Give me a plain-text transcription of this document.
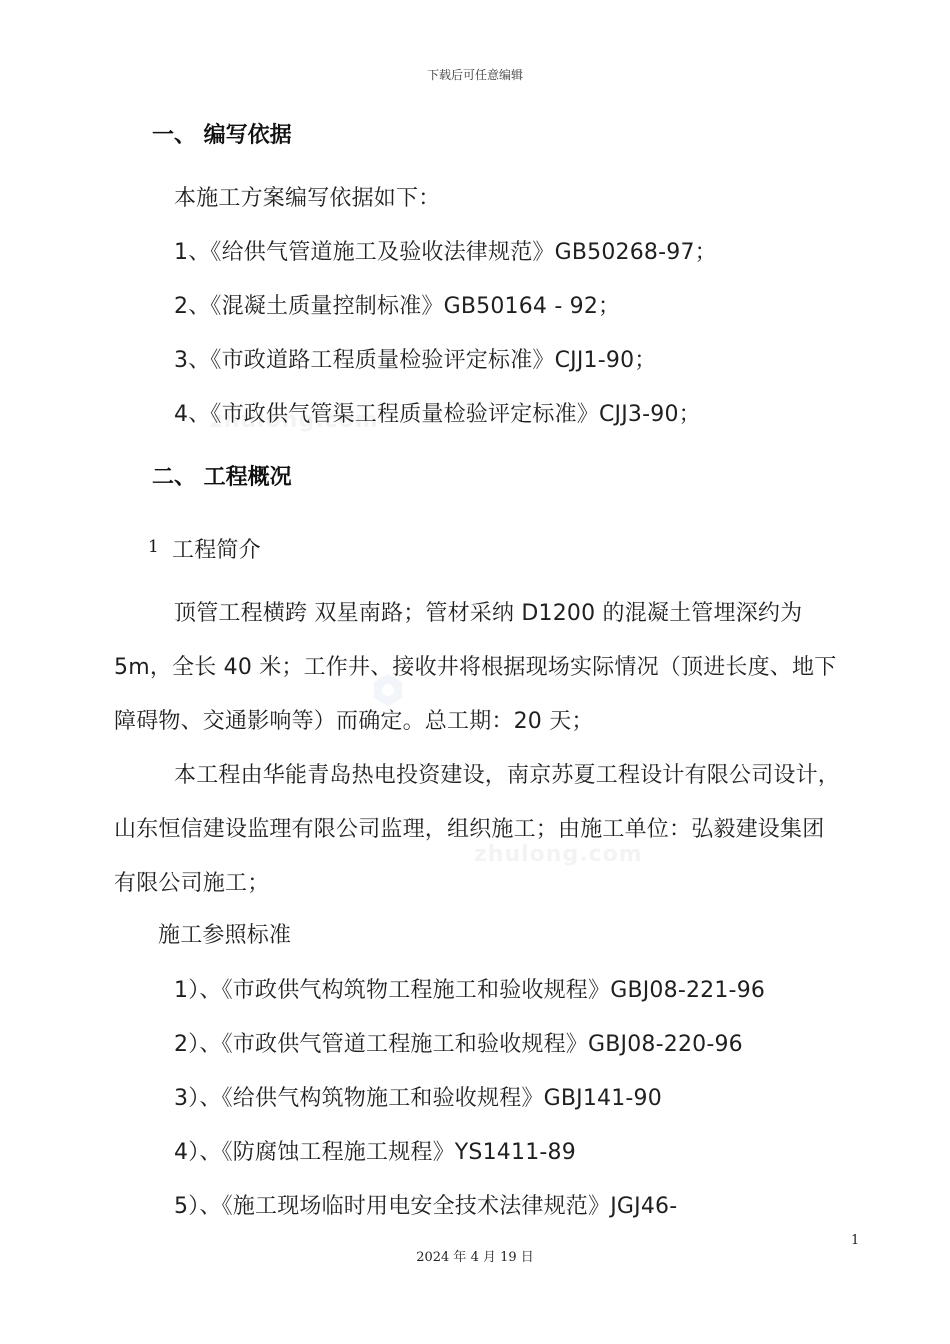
下载后可任意编辑
一、 编写依据
本施工方案编写依据如下：
1、《给供气管道施工及验收法律规范》GB50268-97；
2、《混凝土质量控制标准》GB50164 - 92；
3、《市政道路工程质量检验评定标准》CJJ1-90；
4、《市政供气管渠工程质量检验评定标准》CJJ3-90；
二、 工程概况
1 工程简介
顶管工程横跨 双星南路；管材采纳 D1200 的混凝土管埋深约为
5m，全长 40 米；工作井、接收井将根据现场实际情况（顶进长度、地下
障碍物、交通影响等）而确定。总工期：20 天；
本工程由华能青岛热电投资建设，南京苏夏工程设计有限公司设计，
山东恒信建设监理有限公司监理，组织施工；由施工单位：弘毅建设集团
有限公司施工；
施工参照标准
1）、《市政供气构筑物工程施工和验收规程》GBJ08-221-96
2）、《市政供气管道工程施工和验收规程》GBJ08-220-96
3）、《给供气构筑物施工和验收规程》GBJ141-90
4）、《防腐蚀工程施工规程》YS1411-89
5）、《施工现场临时用电安全技术法律规范》JGJ46-
1
2024 年 4 月 19 日
